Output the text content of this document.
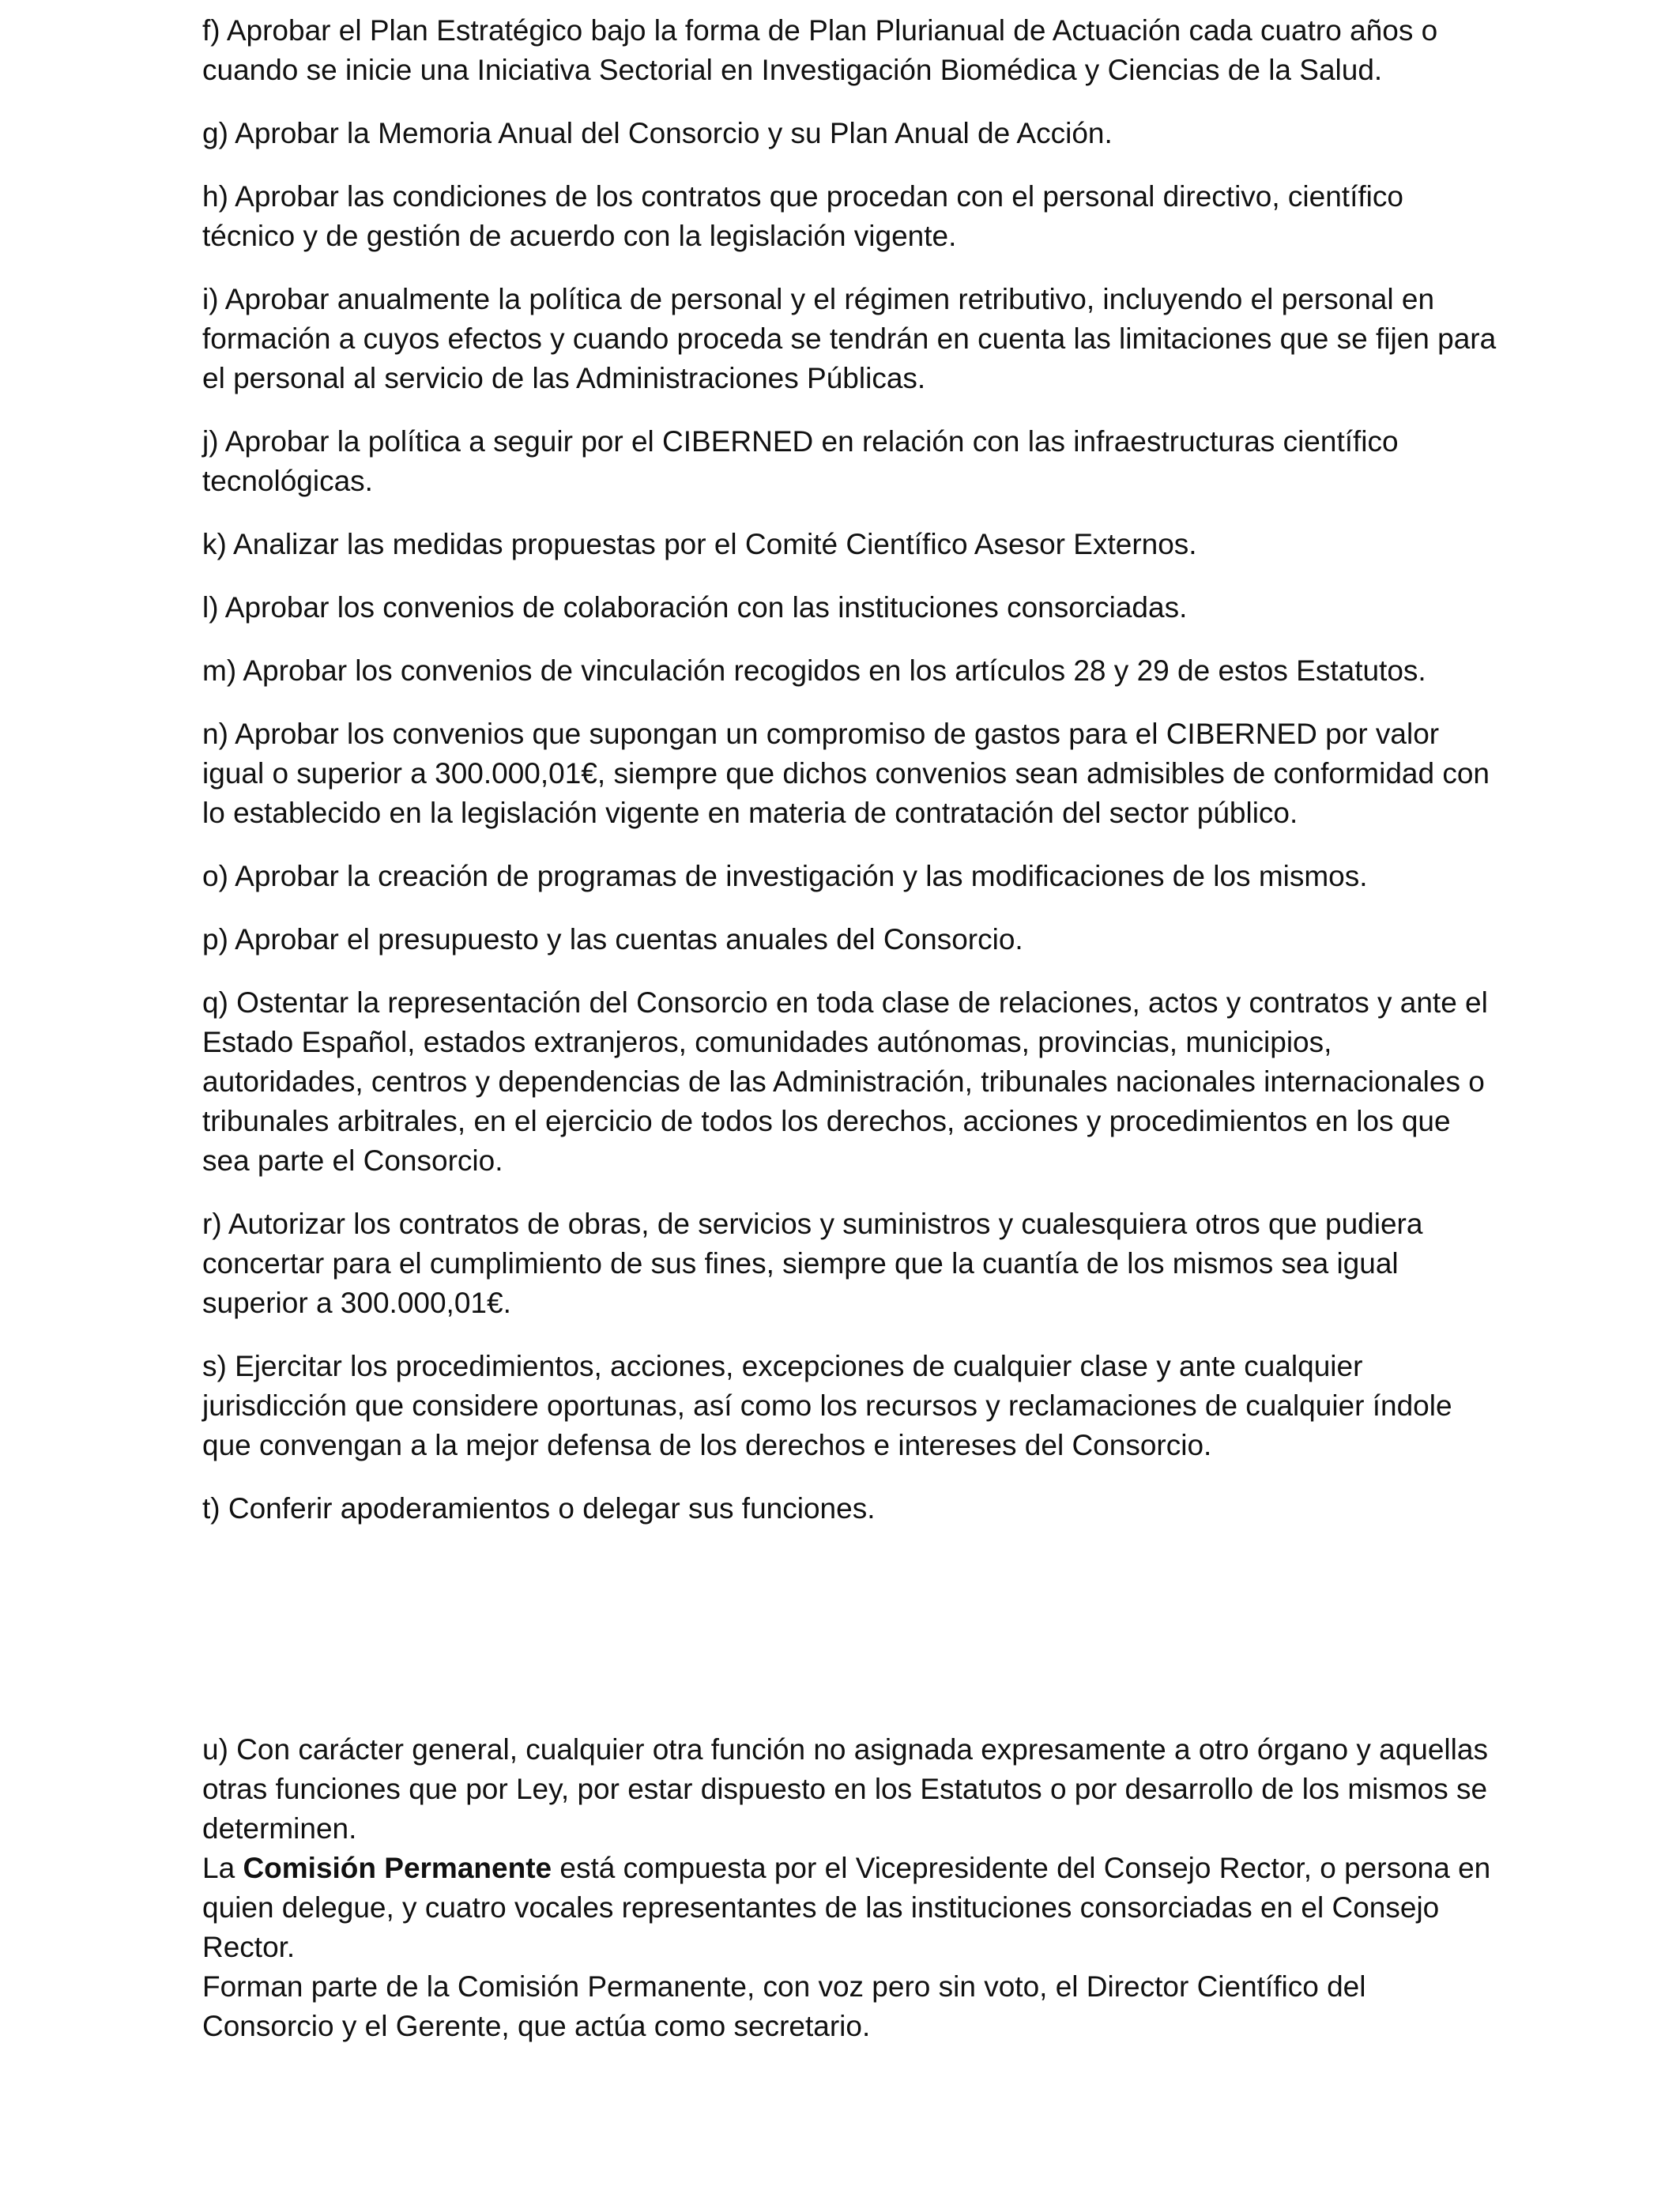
f) Aprobar el Plan Estratégico bajo la forma de Plan Plurianual de Actuación cada cuatro años o cuando se inicie una Iniciativa Sectorial en Investigación Biomédica y Ciencias de la Salud.

g) Aprobar la Memoria Anual del Consorcio y su Plan Anual de Acción.

h) Aprobar las condiciones de los contratos que procedan con el personal directivo, científico técnico y de gestión de acuerdo con la legislación vigente.

i) Aprobar anualmente la política de personal y el régimen retributivo, incluyendo el personal en formación a cuyos efectos y cuando proceda se tendrán en cuenta las limitaciones que se fijen para el personal al servicio de las Administraciones Públicas.

j) Aprobar la política a seguir por el CIBERNED en relación con las infraestructuras científico tecnológicas.

k) Analizar las medidas propuestas por el Comité Científico Asesor Externos.

l) Aprobar los convenios de colaboración con las instituciones consorciadas.

m) Aprobar los convenios de vinculación recogidos en los artículos 28 y 29 de estos Estatutos.

n) Aprobar los convenios que supongan un compromiso de gastos para el CIBERNED por valor igual o superior a 300.000,01€, siempre que dichos convenios sean admisibles de conformidad con lo establecido en la legislación vigente en materia de contratación del sector público.

o) Aprobar la creación de programas de investigación y las modificaciones de los mismos.

p) Aprobar el presupuesto y las cuentas anuales del Consorcio.

q) Ostentar la representación del Consorcio en toda clase de relaciones, actos y contratos y ante el Estado Español, estados extranjeros, comunidades autónomas, provincias, municipios, autoridades, centros y dependencias de las Administración, tribunales nacionales internacionales o tribunales arbitrales, en el ejercicio de todos los derechos, acciones y procedimientos en los que sea parte el Consorcio.

r) Autorizar los contratos de obras, de servicios y suministros y cualesquiera otros que pudiera concertar para el cumplimiento de sus fines, siempre que la cuantía de los mismos sea igual superior a 300.000,01€.

s) Ejercitar los procedimientos, acciones, excepciones de cualquier clase y ante cualquier jurisdicción que considere oportunas, así como los recursos y reclamaciones de cualquier índole que convengan a la mejor defensa de los derechos e intereses del Consorcio.

t) Conferir apoderamientos o delegar sus funciones.

u) Con carácter general, cualquier otra función no asignada expresamente a otro órgano y aquellas otras funciones que por Ley, por estar dispuesto en los Estatutos o por desarrollo de los mismos se determinen.

La Comisión Permanente está compuesta por el Vicepresidente del Consejo Rector, o persona en quien delegue, y cuatro vocales representantes de las instituciones consorciadas en el Consejo Rector.

Forman parte de la Comisión Permanente, con voz pero sin voto, el Director Científico del Consorcio y el Gerente, que actúa como secretario.
